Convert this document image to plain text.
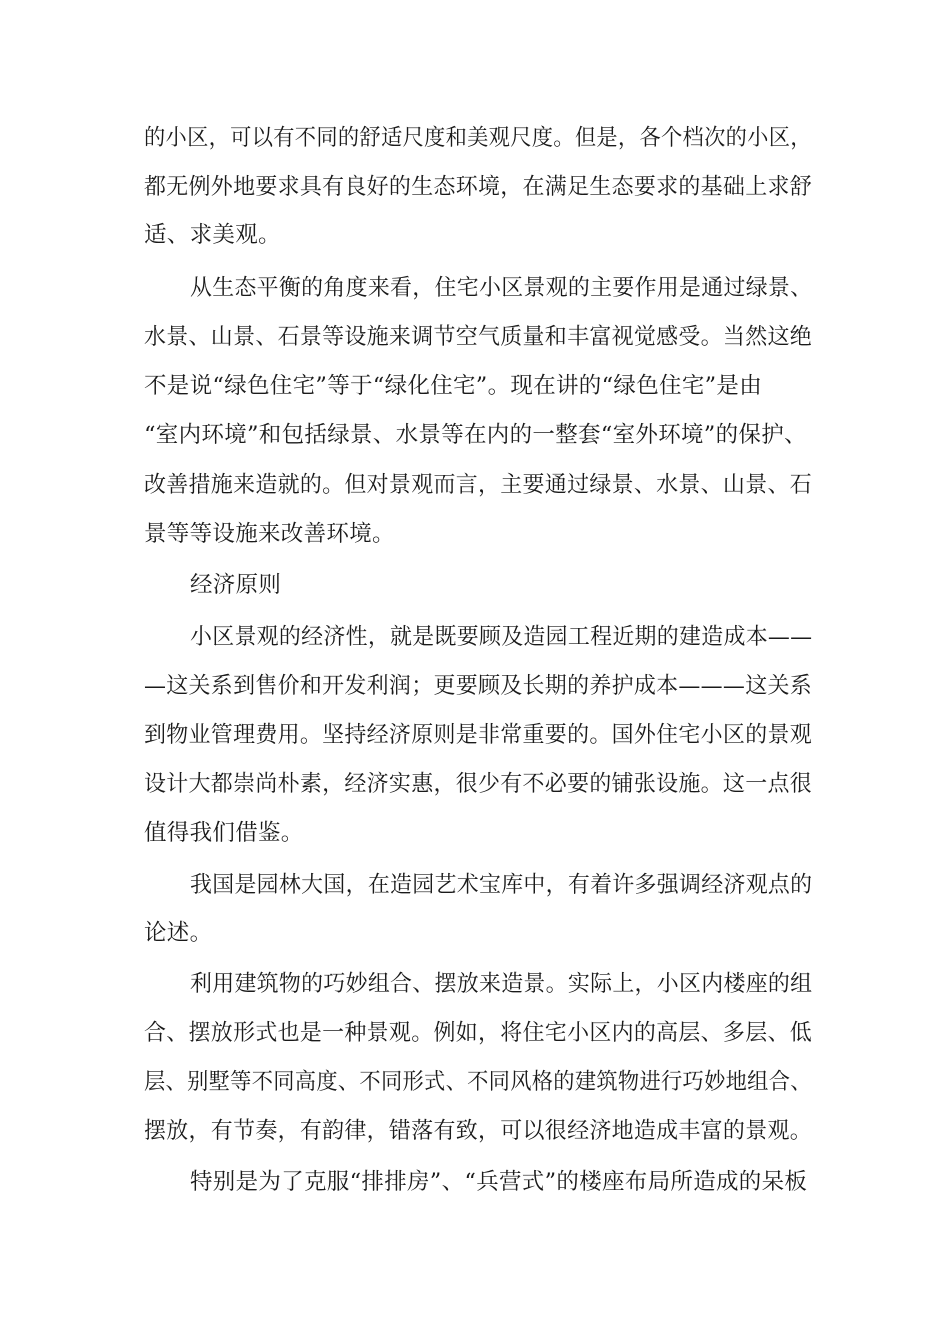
的小区，可以有不同的舒适尺度和美观尺度。但是，各个档次的小区，
都无例外地要求具有良好的生态环境，在满足生态要求的基础上求舒
适、求美观。
从生态平衡的角度来看，住宅小区景观的主要作用是通过绿景、
水景、山景、石景等设施来调节空气质量和丰富视觉感受。当然这绝
不是说“绿色住宅”等于“绿化住宅”。现在讲的“绿色住宅”是由
“室内环境”和包括绿景、水景等在内的一整套“室外环境”的保护、
改善措施来造就的。但对景观而言，主要通过绿景、水景、山景、石
景等等设施来改善环境。
经济原则
小区景观的经济性，就是既要顾及造园工程近期的建造成本——
—这关系到售价和开发利润；更要顾及长期的养护成本———这关系
到物业管理费用。坚持经济原则是非常重要的。国外住宅小区的景观
设计大都崇尚朴素，经济实惠，很少有不必要的铺张设施。这一点很
值得我们借鉴。
我国是园林大国，在造园艺术宝库中，有着许多强调经济观点的
论述。
利用建筑物的巧妙组合、摆放来造景。实际上，小区内楼座的组
合、摆放形式也是一种景观。例如，将住宅小区内的高层、多层、低
层、别墅等不同高度、不同形式、不同风格的建筑物进行巧妙地组合、
摆放，有节奏，有韵律，错落有致，可以很经济地造成丰富的景观。
特别是为了克服“排排房”、“兵营式”的楼座布局所造成的呆板
